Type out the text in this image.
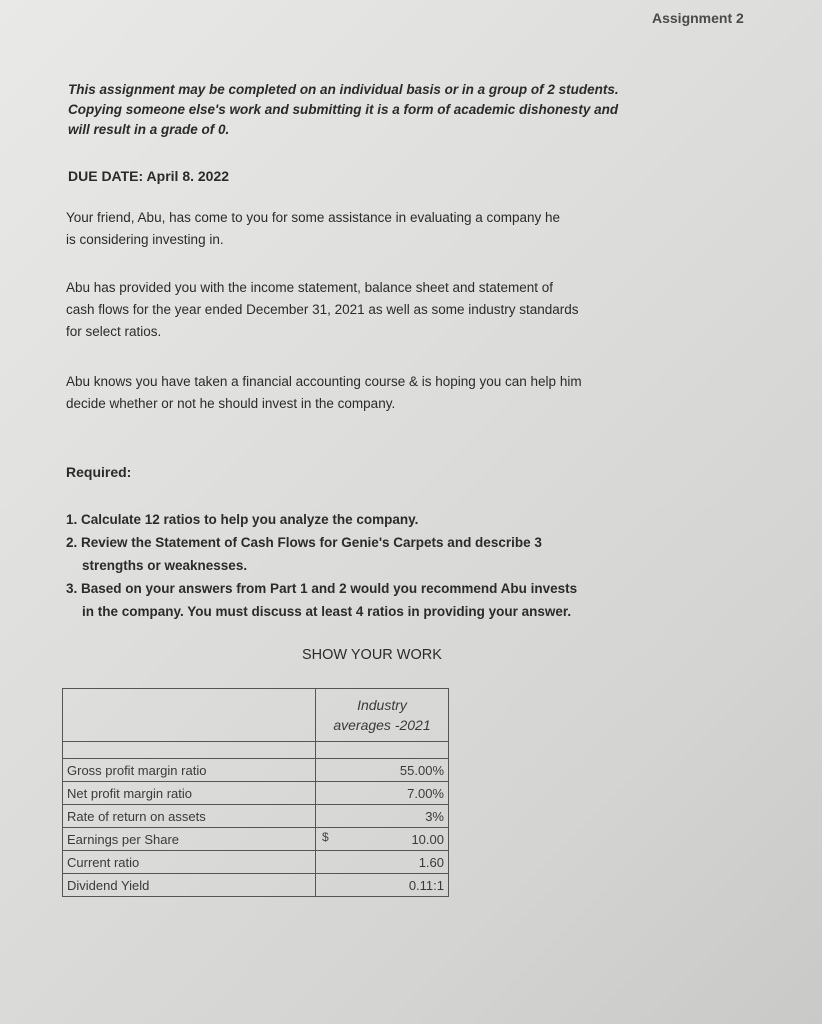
Assignment 2
This assignment may be completed on an individual basis or in a group of 2 students.
Copying someone else's work and submitting it is a form of academic dishonesty and
will result in a grade of 0.
DUE DATE: April 8. 2022
Your friend, Abu, has come to you for some assistance in evaluating a company he
is considering investing in.
Abu has provided you with the income statement, balance sheet and statement of
cash flows for the year ended December 31, 2021 as well as some industry standards
for select ratios.
Abu knows you have taken a financial accounting course & is hoping you can help him
decide whether or not he should invest in the company.
Required:
1. Calculate 12 ratios to help you analyze the company.
2. Review the Statement of Cash Flows for Genie's Carpets and describe 3
strengths or weaknesses.
3. Based on your answers from Part 1 and 2 would you recommend Abu invests
in the company. You must discuss at least 4 ratios in providing your answer.
SHOW YOUR WORK

	Industry
averages -2021

Gross profit margin ratio	55.00%
Net profit margin ratio	7.00%
Rate of return on assets	3%
Earnings per Share	$ 10.00
Current ratio	1.60
Dividend Yield	0.11:1
